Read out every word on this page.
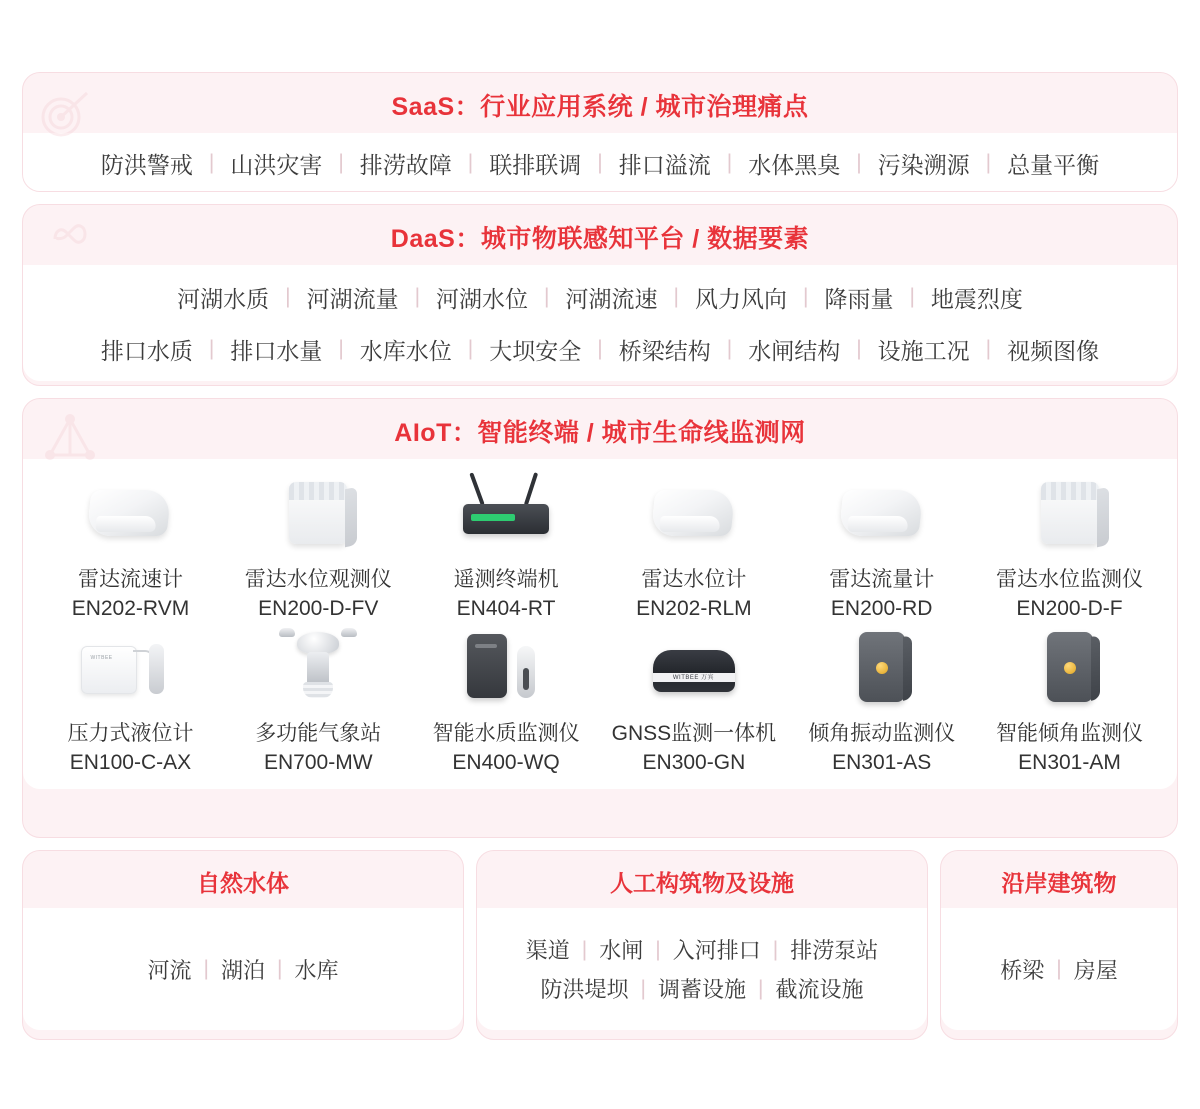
SaaS：行业应用系统 / 城市治理痛点
防洪警戒 | 山洪灾害 | 排涝故障 | 联排联调 | 排口溢流 | 水体黑臭 | 污染溯源 | 总量平衡
DaaS：城市物联感知平台 / 数据要素
河湖水质 | 河湖流量 | 河湖水位 | 河湖流速 | 风力风向 | 降雨量 | 地震烈度
排口水质 | 排口水量 | 水库水位 | 大坝安全 | 桥梁结构 | 水闸结构 | 设施工况 | 视频图像
AIoT：智能终端 / 城市生命线监测网
雷达流速计
EN202-RVM
雷达水位观测仪
EN200-D-FV
遥测终端机
EN404-RT
雷达水位计
EN202-RLM
雷达流量计
EN200-RD
雷达水位监测仪
EN200-D-F
WITBEE
压力式液位计
EN100-C-AX
多功能气象站
EN700-MW
智能水质监测仪
EN400-WQ
WITBEE 万宾
GNSS监测一体机
EN300-GN
倾角振动监测仪
EN301-AS
智能倾角监测仪
EN301-AM
自然水体
河流 | 湖泊 | 水库
人工构筑物及设施
渠道 | 水闸 | 入河排口 | 排涝泵站
防洪堤坝 | 调蓄设施 | 截流设施
沿岸建筑物
桥梁 | 房屋
